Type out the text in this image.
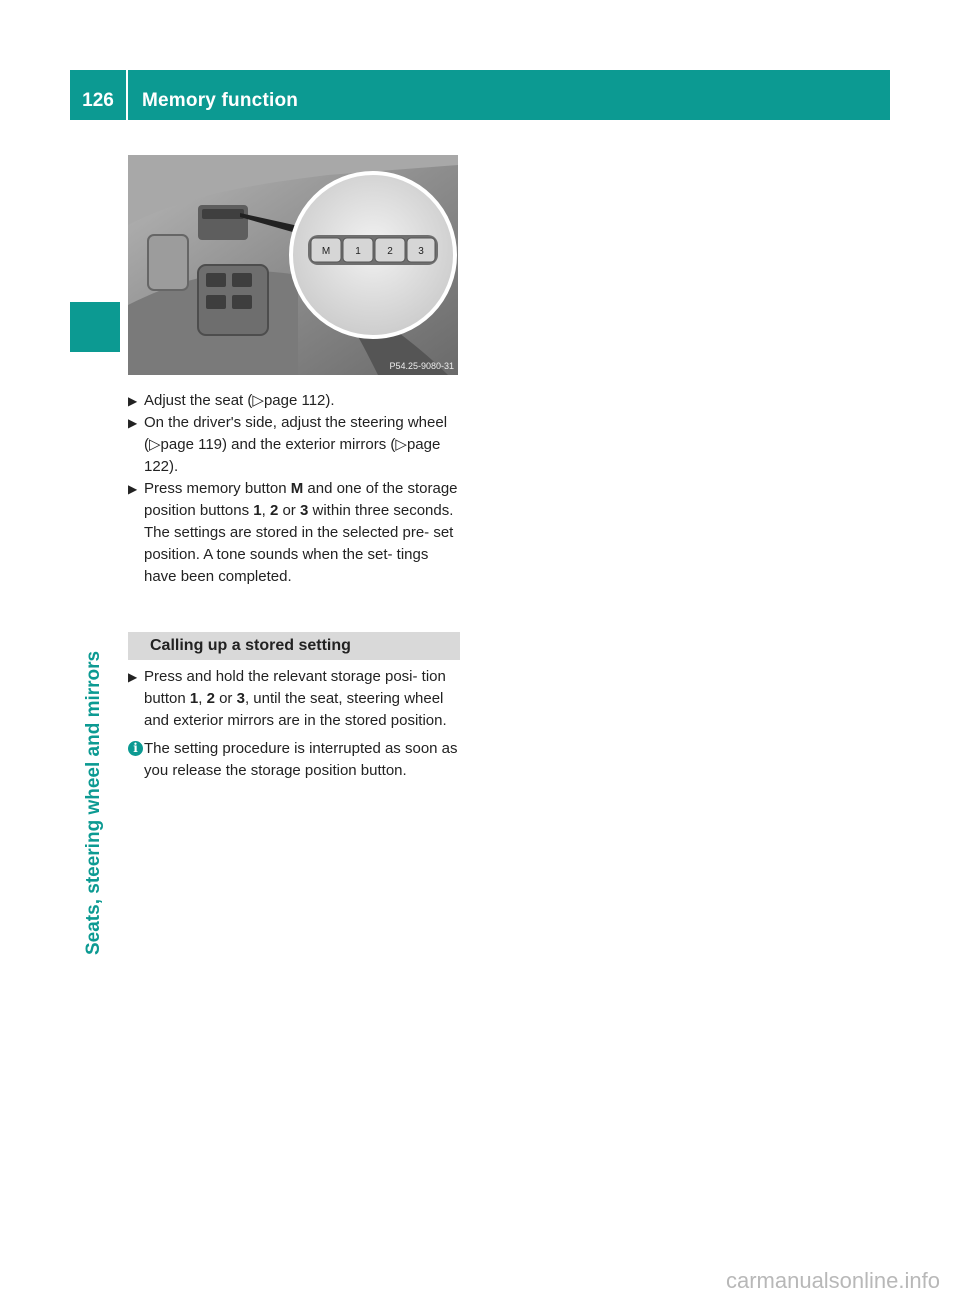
126	Memory function
Seats, steering wheel and mirrors
M	1	2	3
P54.25-9080-31

▶ Adjust the seat (▷page 112).

▶ On the driver's side, adjust the steering wheel (▷page 119) and the exterior mirrors (▷page 122).

▶ Press memory button M and one of the storage position buttons 1, 2 or 3 within three seconds.
The settings are stored in the selected pre- set position. A tone sounds when the set- tings have been completed.

Calling up a stored setting

▶ Press and hold the relevant storage posi- tion button 1, 2 or 3, until the seat, steering wheel and exterior mirrors are in the stored position.

i The setting procedure is interrupted as soon as you release the storage position button.

carmanualsonline.info
